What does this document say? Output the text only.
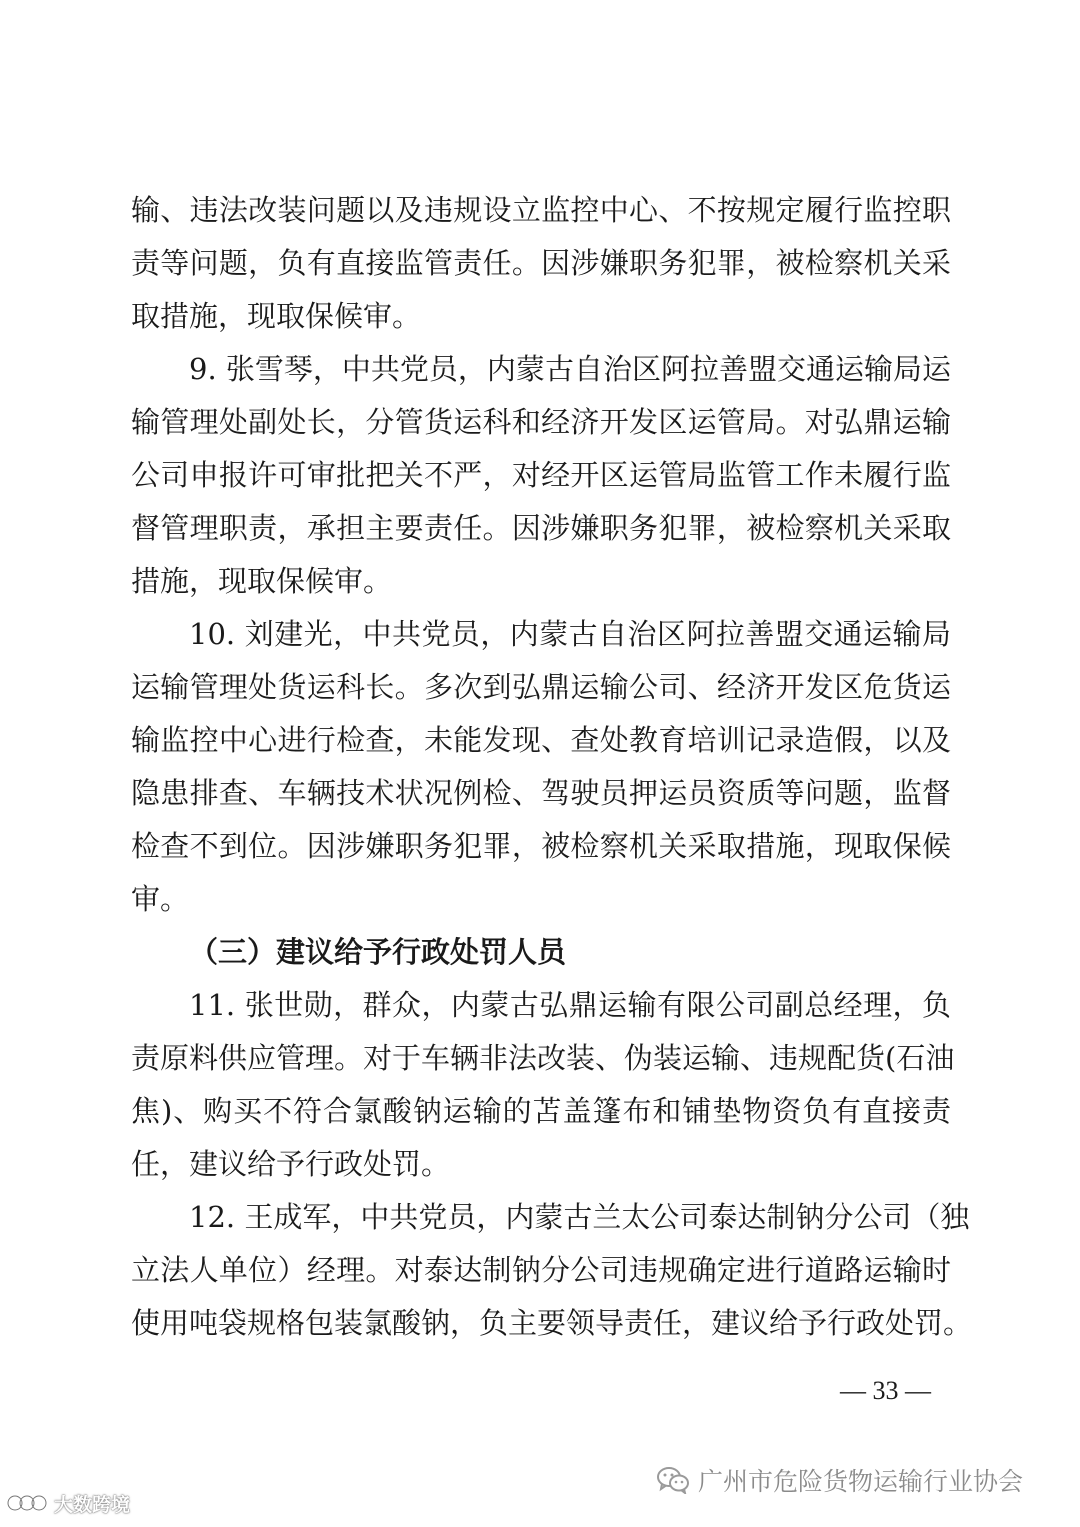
输、违法改装问题以及违规设立监控中心、不按规定履行监控职
责等问题，负有直接监管责任。因涉嫌职务犯罪，被检察机关采
取措施，现取保候审。
9. 张雪琴，中共党员，内蒙古自治区阿拉善盟交通运输局运
输管理处副处长，分管货运科和经济开发区运管局。对弘鼎运输
公司申报许可审批把关不严，对经开区运管局监管工作未履行监
督管理职责，承担主要责任。因涉嫌职务犯罪，被检察机关采取
措施，现取保候审。
10. 刘建光，中共党员，内蒙古自治区阿拉善盟交通运输局
运输管理处货运科长。多次到弘鼎运输公司、经济开发区危货运
输监控中心进行检查，未能发现、查处教育培训记录造假，以及
隐患排查、车辆技术状况例检、驾驶员押运员资质等问题，监督
检查不到位。因涉嫌职务犯罪，被检察机关采取措施，现取保候
审。
（三）建议给予行政处罚人员
11. 张世勋，群众，内蒙古弘鼎运输有限公司副总经理，负
责原料供应管理。对于车辆非法改装、伪装运输、违规配货(石油
焦)、购买不符合氯酸钠运输的苫盖篷布和铺垫物资负有直接责
任，建议给予行政处罚。
12. 王成军，中共党员，内蒙古兰太公司泰达制钠分公司（独
立法人单位）经理。对泰达制钠分公司违规确定进行道路运输时
使用吨袋规格包装氯酸钠，负主要领导责任，建议给予行政处罚。
— 33 —
广州市危险货物运输行业协会
大数跨境
